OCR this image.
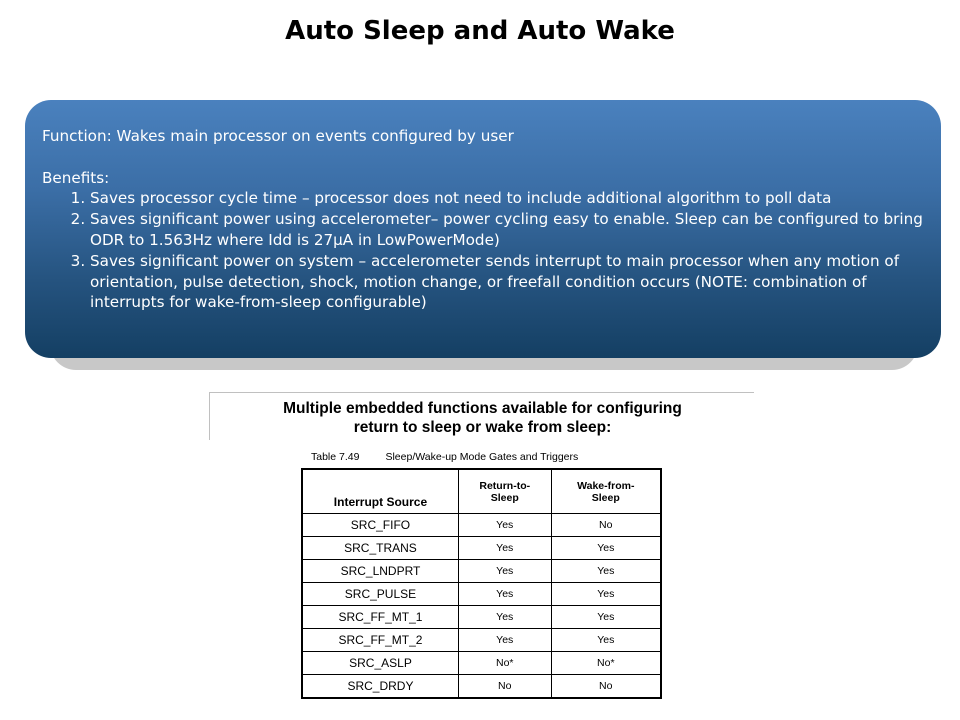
Auto Sleep and Auto Wake

Function: Wakes main processor on events configured by user

Benefits:

1. Saves processor cycle time – processor does not need to include additional algorithm to poll data
2. Saves significant power using accelerometer– power cycling easy to enable. Sleep can be configured to bring ODR to 1.563Hz where Idd is 27µA in LowPowerMode)
3. Saves significant power on system – accelerometer sends interrupt to main processor when any motion of orientation, pulse detection, shock, motion change, or freefall condition occurs (NOTE: combination of interrupts for wake-from-sleep configurable)
Multiple embedded functions available for configuring
return to sleep or wake from sleep:
Table 7.49 Sleep/Wake-up Mode Gates and Triggers
Interrupt Source	Return-to-Sleep	Wake-from-Sleep
SRC_FIFO	Yes	No
SRC_TRANS	Yes	Yes
SRC_LNDPRT	Yes	Yes
SRC_PULSE	Yes	Yes
SRC_FF_MT_1	Yes	Yes
SRC_FF_MT_2	Yes	Yes
SRC_ASLP	No*	No*
SRC_DRDY	No	No
